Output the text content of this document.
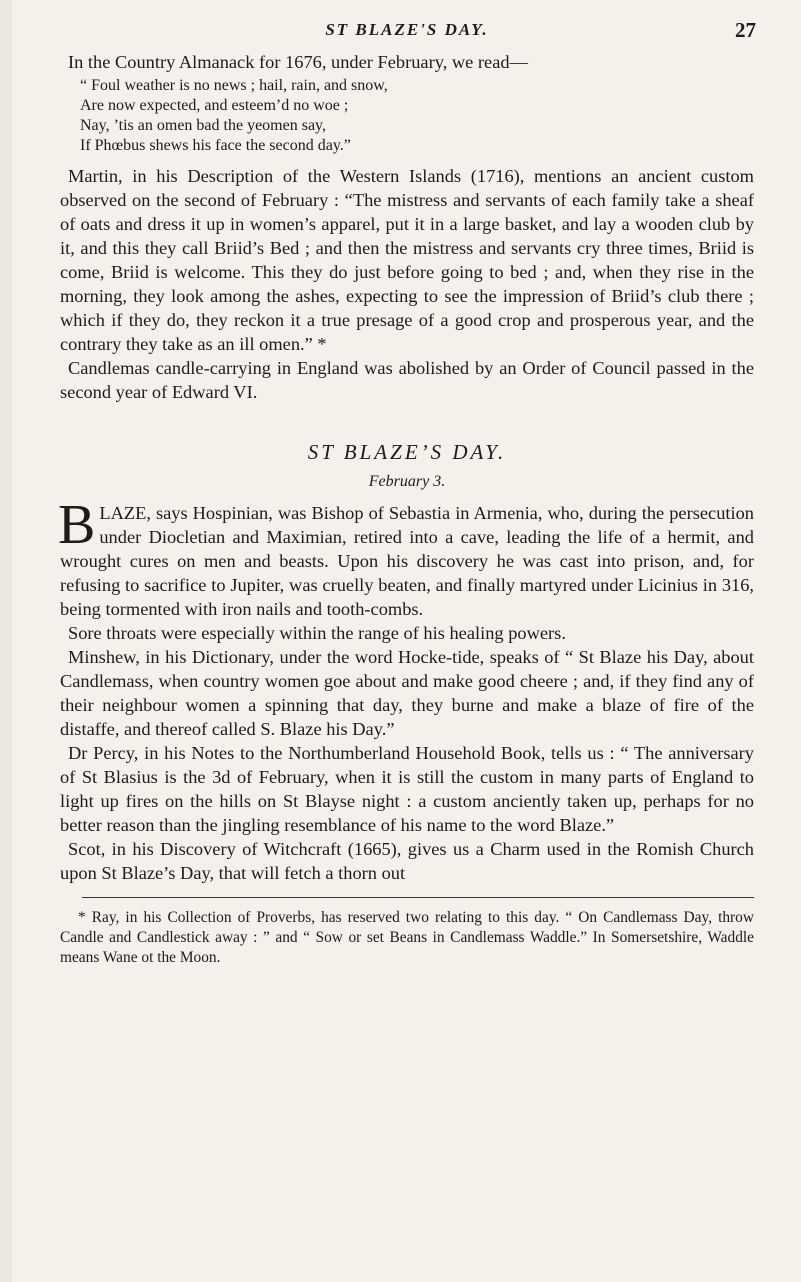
ST BLAZE'S DAY.	27

In the Country Almanack for 1676, under February, we read—

“ Foul weather is no news ; hail, rain, and snow,
Are now expected, and esteem’d no woe ;
Nay, ’tis an omen bad the yeomen say,
If Phœbus shews his face the second day.”

Martin, in his Description of the Western Islands (1716), mentions an ancient custom observed on the second of February : “The mistress and servants of each family take a sheaf of oats and dress it up in women’s apparel, put it in a large basket, and lay a wooden club by it, and this they call Briid’s Bed ; and then the mistress and servants cry three times, Briid is come, Briid is welcome. This they do just before going to bed ; and, when they rise in the morning, they look among the ashes, expecting to see the impression of Briid’s club there ; which if they do, they reckon it a true presage of a good crop and prosperous year, and the contrary they take as an ill omen.” *

Candlemas candle-carrying in England was abolished by an Order of Council passed in the second year of Edward VI.

ST BLAZE’S DAY.
February 3.

BLAZE, says Hospinian, was Bishop of Sebastia in Armenia, who, during the persecution under Diocletian and Maximian, retired into a cave, leading the life of a hermit, and wrought cures on men and beasts. Upon his discovery he was cast into prison, and, for refusing to sacrifice to Jupiter, was cruelly beaten, and finally martyred under Licinius in 316, being tormented with iron nails and tooth-combs.

Sore throats were especially within the range of his healing powers.

Minshew, in his Dictionary, under the word Hocke-tide, speaks of “ St Blaze his Day, about Candlemass, when country women goe about and make good cheere ; and, if they find any of their neighbour women a spinning that day, they burne and make a blaze of fire of the distaffe, and thereof called S. Blaze his Day.”

Dr Percy, in his Notes to the Northumberland Household Book, tells us : “ The anniversary of St Blasius is the 3d of February, when it is still the custom in many parts of England to light up fires on the hills on St Blayse night : a custom anciently taken up, perhaps for no better reason than the jingling resemblance of his name to the word Blaze.”

Scot, in his Discovery of Witchcraft (1665), gives us a Charm used in the Romish Church upon St Blaze’s Day, that will fetch a thorn out

* Ray, in his Collection of Proverbs, has reserved two relating to this day. “ On Candlemass Day, throw Candle and Candlestick away : ” and “ Sow or set Beans in Candlemass Waddle.” In Somersetshire, Waddle means Wane ot the Moon.
